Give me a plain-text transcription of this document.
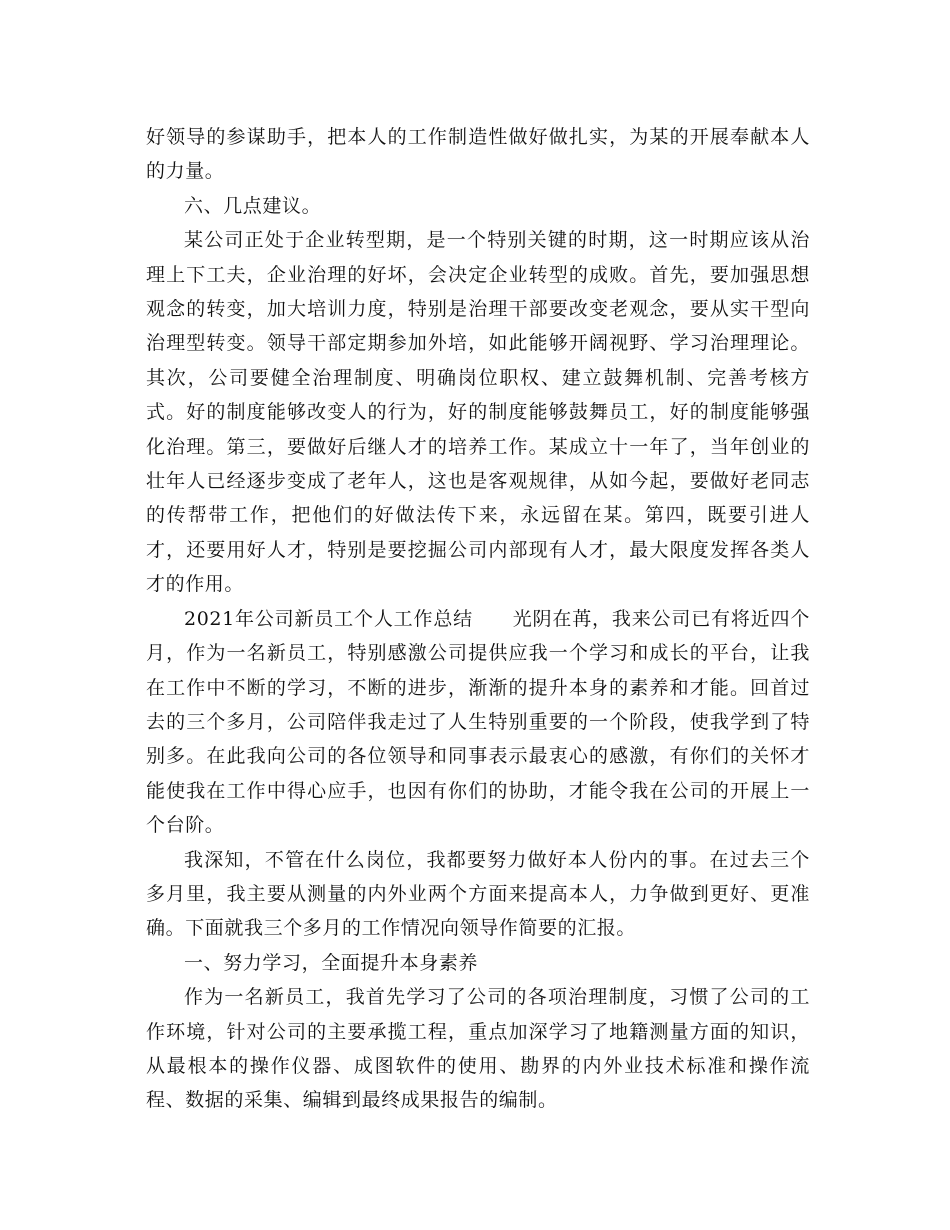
好领导的参谋助手，把本人的工作制造性做好做扎实，为某的开展奉献本人的力量。

六、几点建议。

某公司正处于企业转型期，是一个特别关键的时期，这一时期应该从治理上下工夫，企业治理的好坏，会决定企业转型的成败。首先，要加强思想观念的转变，加大培训力度，特别是治理干部要改变老观念，要从实干型向治理型转变。领导干部定期参加外培，如此能够开阔视野、学习治理理论。其次，公司要健全治理制度、明确岗位职权、建立鼓舞机制、完善考核方式。好的制度能够改变人的行为，好的制度能够鼓舞员工，好的制度能够强化治理。第三，要做好后继人才的培养工作。某成立十一年了，当年创业的壮年人已经逐步变成了老年人，这也是客观规律，从如今起，要做好老同志的传帮带工作，把他们的好做法传下来，永远留在某。第四，既要引进人才，还要用好人才，特别是要挖掘公司内部现有人才，最大限度发挥各类人才的作用。

2021年公司新员工个人工作总结　　光阴在苒，我来公司已有将近四个月，作为一名新员工，特别感激公司提供应我一个学习和成长的平台，让我在工作中不断的学习，不断的进步，渐渐的提升本身的素养和才能。回首过去的三个多月，公司陪伴我走过了人生特别重要的一个阶段，使我学到了特别多。在此我向公司的各位领导和同事表示最衷心的感激，有你们的关怀才能使我在工作中得心应手，也因有你们的协助，才能令我在公司的开展上一个台阶。

我深知，不管在什么岗位，我都要努力做好本人份内的事。在过去三个多月里，我主要从测量的内外业两个方面来提高本人，力争做到更好、更准确。下面就我三个多月的工作情况向领导作简要的汇报。

一、努力学习，全面提升本身素养

作为一名新员工，我首先学习了公司的各项治理制度，习惯了公司的工作环境，针对公司的主要承揽工程，重点加深学习了地籍测量方面的知识，从最根本的操作仪器、成图软件的使用、勘界的内外业技术标准和操作流程、数据的采集、编辑到最终成果报告的编制。
